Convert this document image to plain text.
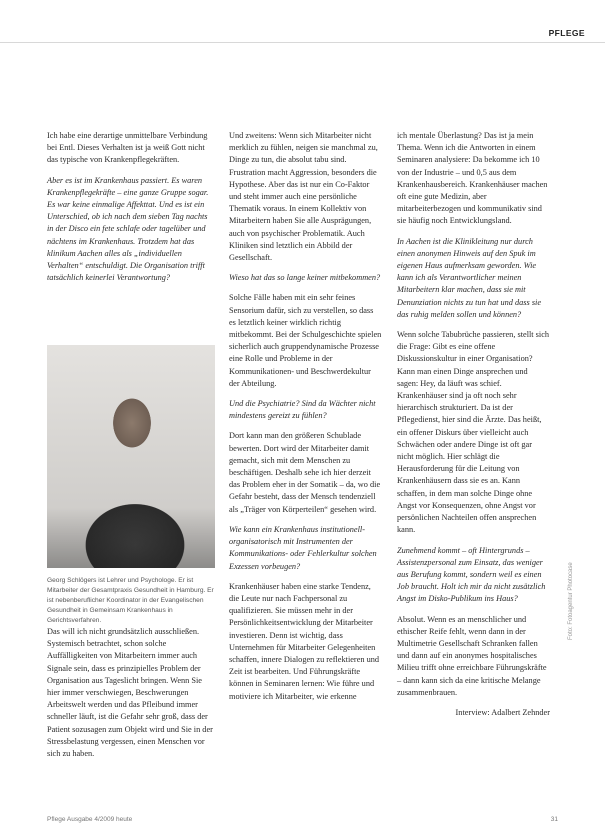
PFLEGE

Ich habe eine derartige unmittelbare Verbindung bei Entl. Dieses Verhalten ist ja weiß Gott nicht das typische von Krankenpflegekräften.

Aber es ist im Krankenhaus passiert. Es waren Krankenpflegekräfte – eine ganze Gruppe sogar. Es war keine einmalige Affekttat. Und es ist ein Unterschied, ob ich nach dem sieben Tag nachts in der Disco ein fete schlafe oder tagelüber und nächtens im Krankenhaus. Trotzdem hat das klinikum Aachen alles als „individuellen Verhalten“ entschuldigt. Die Organisation trifft tatsächlich keinerlei Verantwortung?

Georg Schlögers ist Lehrer und Psychologe. Er ist Mitarbeiter der Gesamtpraxis Gesundheit in Hamburg. Er ist nebenberuflicher Koordinator in der Evangelischen Gesundheit in Gemeinsam Krankenhaus in Gerichtsverfahren.

Das will ich nicht grundsätzlich ausschließen. Systemisch betrachtet, schon solche Auffälligkeiten von Mitarbeitern immer auch Signale sein, dass es prinzipielles Problem der Organisation aus Tageslicht bringen. Wenn Sie hier immer verschwiegen, Beschwerungen Arbeitswelt werden und das Pfleibund immer schneller läuft, ist die Gefahr sehr groß, dass der Patient sozusagen zum Objekt wird und Sie in der Stressbelastung vergessen, einen Menschen vor sich zu haben.

Und zweitens: Wenn sich Mitarbeiter nicht merklich zu fühlen, neigen sie manchmal zu, Dinge zu tun, die absolut tabu sind. Frustration macht Aggression, besonders die Hypothese. Aber das ist nur ein Co-Faktor und steht immer auch eine persönliche Thematik voraus. In einem Kollektiv von Mitarbeitern haben Sie alle Ausprägungen, auch von psychischer Problematik. Auch Kliniken sind letztlich ein Abbild der Gesellschaft.

Wieso hat das so lange keiner mitbekommen?

Solche Fälle haben mit ein sehr feines Sensorium dafür, sich zu verstellen, so dass es letztlich keiner wirklich richtig mitbekommt. Bei der Schulgeschichte spielen sicherlich auch gruppendynamische Prozesse eine Rolle und Probleme in der Kommunikationen- und Beschwerdekultur der Abteilung.

Und die Psychiatrie? Sind da Wächter nicht mindestens gereizt zu fühlen?

Dort kann man den größeren Schublade bewerten. Dort wird der Mitarbeiter damit gemacht, sich mit dem Menschen zu beschäftigen. Deshalb sehe ich hier derzeit das Problem eher in der Somatik – da, wo die Gefahr besteht, dass der Mensch tendenziell als „Träger von Körperteilen“ gesehen wird.

Wie kann ein Krankenhaus institutionell-organisatorisch mit Instrumenten der Kommunikations- oder Fehlerkultur solchen Exzessen vorbeugen?

Krankenhäuser haben eine starke Tendenz, die Leute nur nach Fachpersonal zu qualifizieren. Sie müssen mehr in der Persönlichkeitsentwicklung der Mitarbeiter investieren. Denn ist wichtig, dass Unternehmen für Mitarbeiter Gelegenheiten schaffen, innere Dialogen zu reflektieren und Zeit ist bearbeiten. Und Führungskräfte können in Seminaren lernen: Wie führe und motiviere ich Mitarbeiter, wie erkenne

ich mentale Überlastung? Das ist ja mein Thema. Wenn ich die Antworten in einem Seminaren analysiere: Da bekomme ich 10 von der Industrie – und 0,5 aus dem Krankenhausbereich. Krankenhäuser machen oft eine gute Medizin, aber mitarbeiterbezogen und kommunikativ sind sie häufig noch Entwicklungsland.

In Aachen ist die Klinikleitung nur durch einen anonymen Hinweis auf den Spuk im eigenen Haus aufmerksam geworden. Wie kann ich als Verantwortlicher meinen Mitarbeitern klar machen, dass sie mit Denunziation nichts zu tun hat und dass sie das ruhig melden sollen und können?

Wenn solche Tabubrüche passieren, stellt sich die Frage: Gibt es eine offene Diskussionskultur in einer Organisation? Kann man einen Dinge ansprechen und sagen: Hey, da läuft was schief. Krankenhäuser sind ja oft noch sehr hierarchisch strukturiert. Da ist der Pflegedienst, hier sind die Ärzte. Das heißt, ein offener Diskurs über vielleicht auch Schwächen oder andere Dinge ist oft gar nicht möglich. Hier schlägt die Herausforderung für die Leitung von Krankenhäusern dass sie es an. Kann schaffen, in dem man solche Dinge ohne Angst vor Konsequenzen, ohne Angst vor persönlichen Nachteilen offen ansprechen kann.

Zunehmend kommt – oft Hintergrunds – Assistenzpersonal zum Einsatz, das weniger aus Berufung kommt, sondern weil es einen Job braucht. Holt ich mir da nicht zusätzlich Angst im Disko-Publikum ins Haus?

Absolut. Wenn es an menschlicher und ethischer Reife fehlt, wenn dann in der Multimetrie Gesellschaft Schranken fallen und dann auf ein anonymes hospitalisches Milieu trifft ohne erreichbare Führungskräfte – dann kann sich da eine kritische Melange zusammenbrauen.

Interview: Adalbert Zehnder

Foto: Fotoagentur Photocase
Pflege Ausgabe 4/2009 heute	31
